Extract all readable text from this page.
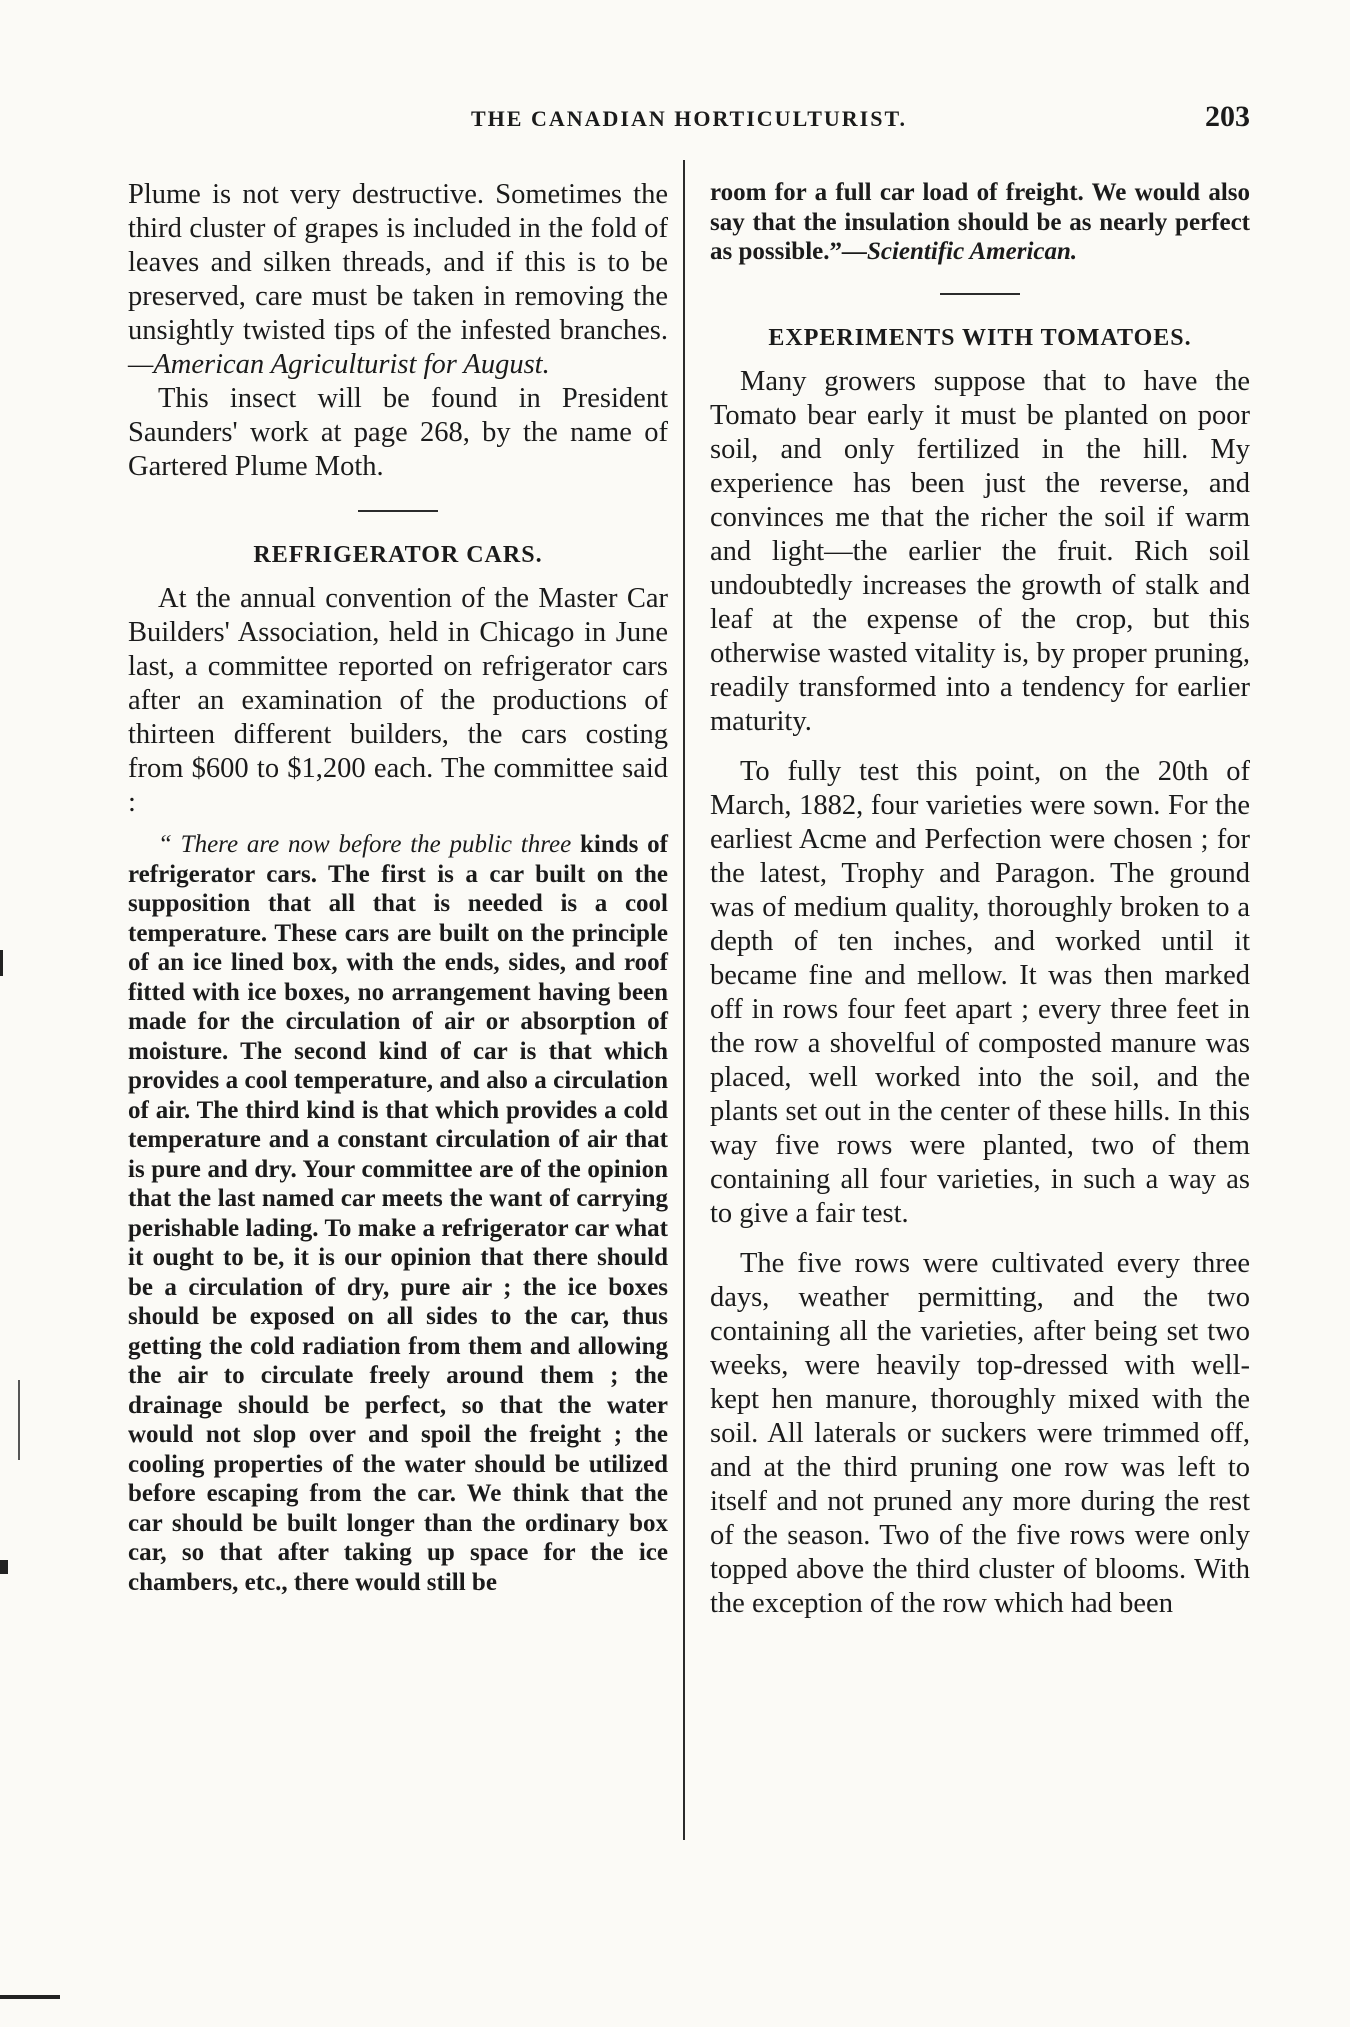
THE CANADIAN HORTICULTURIST.	203

Plume is not very destructive. Sometimes the third cluster of grapes is included in the fold of leaves and silken threads, and if this is to be preserved, care must be taken in removing the unsightly twisted tips of the infested branches.—American Agriculturist for August.

This insect will be found in President Saunders' work at page 268, by the name of Gartered Plume Moth.

REFRIGERATOR CARS.

At the annual convention of the Master Car Builders' Association, held in Chicago in June last, a committee reported on refrigerator cars after an examination of the productions of thirteen different builders, the cars costing from $600 to $1,200 each. The committee said :

“ There are now before the public three kinds of refrigerator cars. The first is a car built on the supposition that all that is needed is a cool temperature. These cars are built on the principle of an ice lined box, with the ends, sides, and roof fitted with ice boxes, no arrangement having been made for the circulation of air or absorption of moisture. The second kind of car is that which provides a cool temperature, and also a circulation of air. The third kind is that which provides a cold temperature and a constant circulation of air that is pure and dry. Your committee are of the opinion that the last named car meets the want of carrying perishable lading. To make a refrigerator car what it ought to be, it is our opinion that there should be a circulation of dry, pure air ; the ice boxes should be exposed on all sides to the car, thus getting the cold radiation from them and allowing the air to circulate freely around them ; the drainage should be perfect, so that the water would not slop over and spoil the freight ; the cooling properties of the water should be utilized before escaping from the car. We think that the car should be built longer than the ordinary box car, so that after taking up space for the ice chambers, etc., there would still be

room for a full car load of freight. We would also say that the insulation should be as nearly perfect as possible.”—Scientific American.

EXPERIMENTS WITH TOMATOES.

Many growers suppose that to have the Tomato bear early it must be planted on poor soil, and only fertilized in the hill. My experience has been just the reverse, and convinces me that the richer the soil if warm and light—the earlier the fruit. Rich soil undoubtedly increases the growth of stalk and leaf at the expense of the crop, but this otherwise wasted vitality is, by proper pruning, readily transformed into a tendency for earlier maturity.

To fully test this point, on the 20th of March, 1882, four varieties were sown. For the earliest Acme and Perfection were chosen ; for the latest, Trophy and Paragon. The ground was of medium quality, thoroughly broken to a depth of ten inches, and worked until it became fine and mellow. It was then marked off in rows four feet apart ; every three feet in the row a shovelful of composted manure was placed, well worked into the soil, and the plants set out in the center of these hills. In this way five rows were planted, two of them containing all four varieties, in such a way as to give a fair test.

The five rows were cultivated every three days, weather permitting, and the two containing all the varieties, after being set two weeks, were heavily top-dressed with well-kept hen manure, thoroughly mixed with the soil. All laterals or suckers were trimmed off, and at the third pruning one row was left to itself and not pruned any more during the rest of the season. Two of the five rows were only topped above the third cluster of blooms. With the exception of the row which had been
